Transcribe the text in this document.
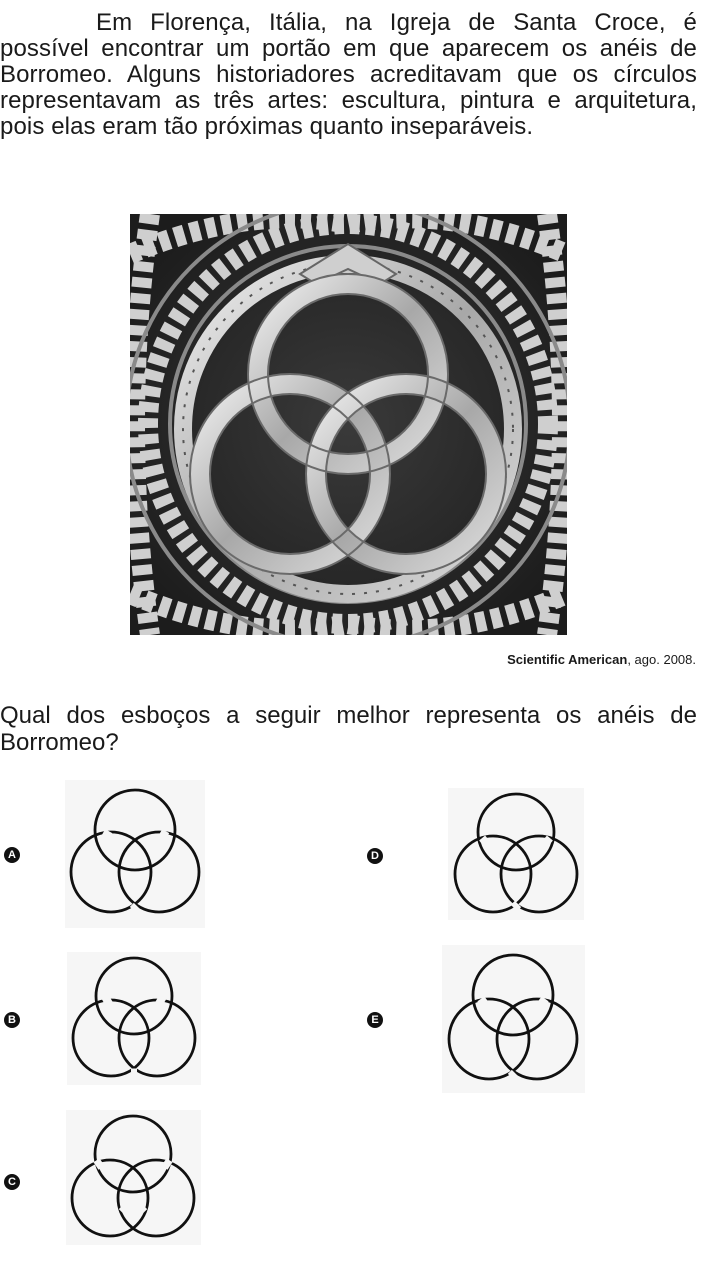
Em Florença, Itália, na Igreja de Santa Croce, é possível encontrar um portão em que aparecem os anéis de Borromeo. Alguns historiadores acreditavam que os círculos representavam as três artes: escultura, pintura e arquitetura, pois elas eram tão próximas quanto inseparáveis.

Scientific American, ago. 2008.

Qual dos esboços a seguir melhor representa os anéis de Borromeo?

A
B
C
D
E
